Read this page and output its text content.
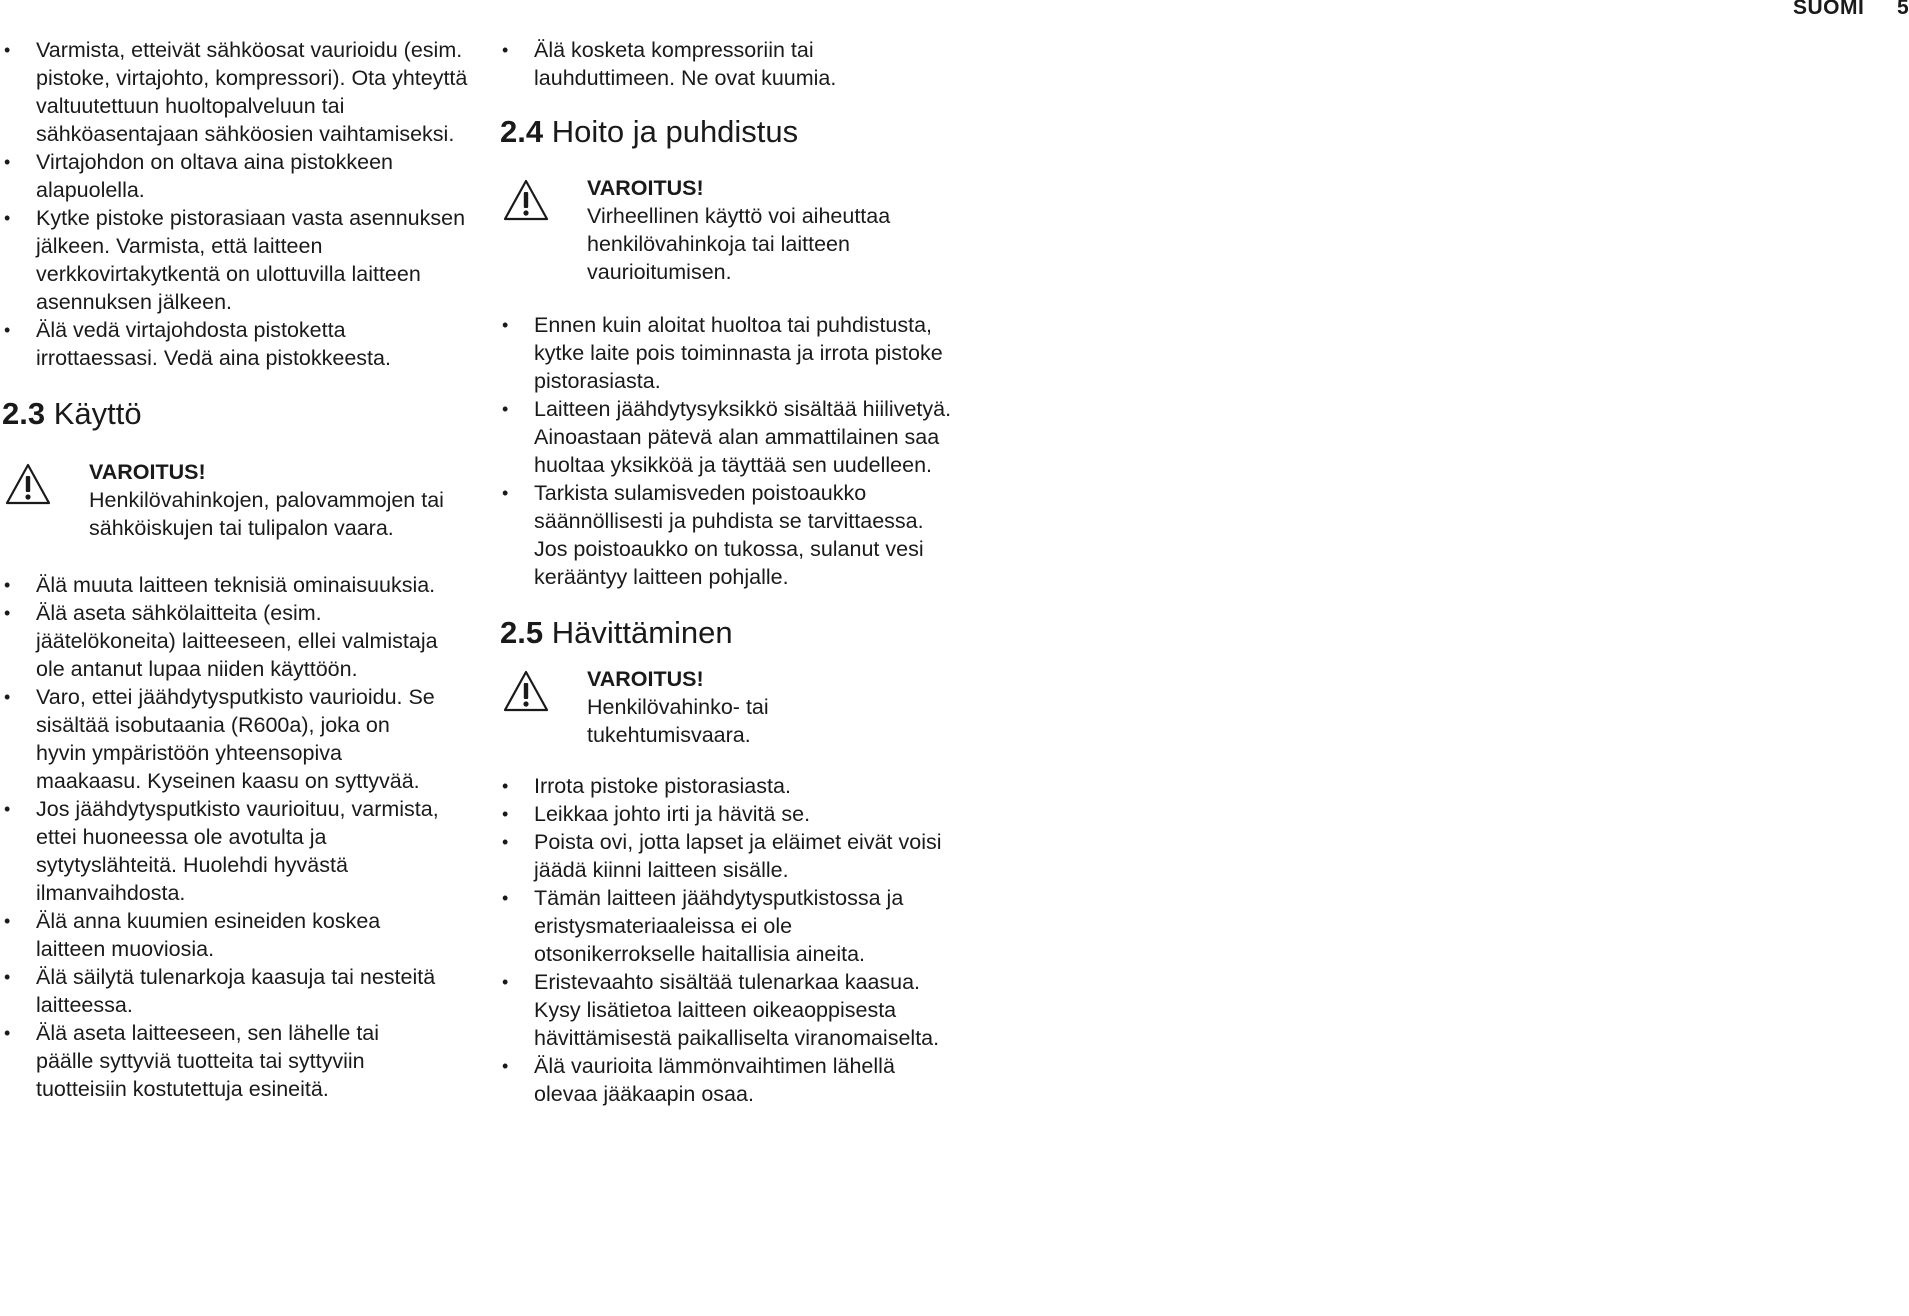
SUOMI 5
• Varmista, etteivät sähköosat vaurioidu (esim. pistoke, virtajohto, kompressori). Ota yhteyttä valtuutettuun huoltopalveluun tai sähköasentajaan sähköosien vaihtamiseksi.
• Virtajohdon on oltava aina pistokkeen alapuolella.
• Kytke pistoke pistorasiaan vasta asennuksen jälkeen. Varmista, että laitteen verkkovirtakytkentä on ulottuvilla laitteen asennuksen jälkeen.
• Älä vedä virtajohdosta pistoketta irrottaessasi. Vedä aina pistokkeesta.
2.3 Käyttö
VAROITUS!
Henkilövahinkojen, palovammojen tai sähköiskujen tai tulipalon vaara.
• Älä muuta laitteen teknisiä ominaisuuksia.
• Älä aseta sähkölaitteita (esim. jäätelökoneita) laitteeseen, ellei valmistaja ole antanut lupaa niiden käyttöön.
• Varo, ettei jäähdytysputkisto vaurioidu. Se sisältää isobutaania (R600a), joka on hyvin ympäristöön yhteensopiva maakaasu. Kyseinen kaasu on syttyvää.
• Jos jäähdytysputkisto vaurioituu, varmista, ettei huoneessa ole avotulta ja sytytyslähteitä. Huolehdi hyvästä ilmanvaihdosta.
• Älä anna kuumien esineiden koskea laitteen muoviosia.
• Älä säilytä tulenarkoja kaasuja tai nesteitä laitteessa.
• Älä aseta laitteeseen, sen lähelle tai päälle syttyviä tuotteita tai syttyviin tuotteisiin kostutettuja esineitä.
• Älä kosketa kompressoriin tai lauhduttimeen. Ne ovat kuumia.
2.4 Hoito ja puhdistus
VAROITUS!
Virheellinen käyttö voi aiheuttaa henkilövahinkoja tai laitteen vaurioitumisen.
• Ennen kuin aloitat huoltoa tai puhdistusta, kytke laite pois toiminnasta ja irrota pistoke pistorasiasta.
• Laitteen jäähdytysyksikkö sisältää hiilivetyä. Ainoastaan pätevä alan ammattilainen saa huoltaa yksikköä ja täyttää sen uudelleen.
• Tarkista sulamisveden poistoaukko säännöllisesti ja puhdista se tarvittaessa. Jos poistoaukko on tukossa, sulanut vesi kerääntyy laitteen pohjalle.
2.5 Hävittäminen
VAROITUS!
Henkilövahinko- tai tukehtumisvaara.
• Irrota pistoke pistorasiasta.
• Leikkaa johto irti ja hävitä se.
• Poista ovi, jotta lapset ja eläimet eivät voisi jäädä kiinni laitteen sisälle.
• Tämän laitteen jäähdytysputkistossa ja eristysmateriaaleissa ei ole otsonikerrokselle haitallisia aineita.
• Eristevaahto sisältää tulenarkaa kaasua. Kysy lisätietoa laitteen oikeaoppisesta hävittämisestä paikalliselta viranomaiselta.
• Älä vaurioita lämmönvaihtimen lähellä olevaa jääkaapin osaa.
